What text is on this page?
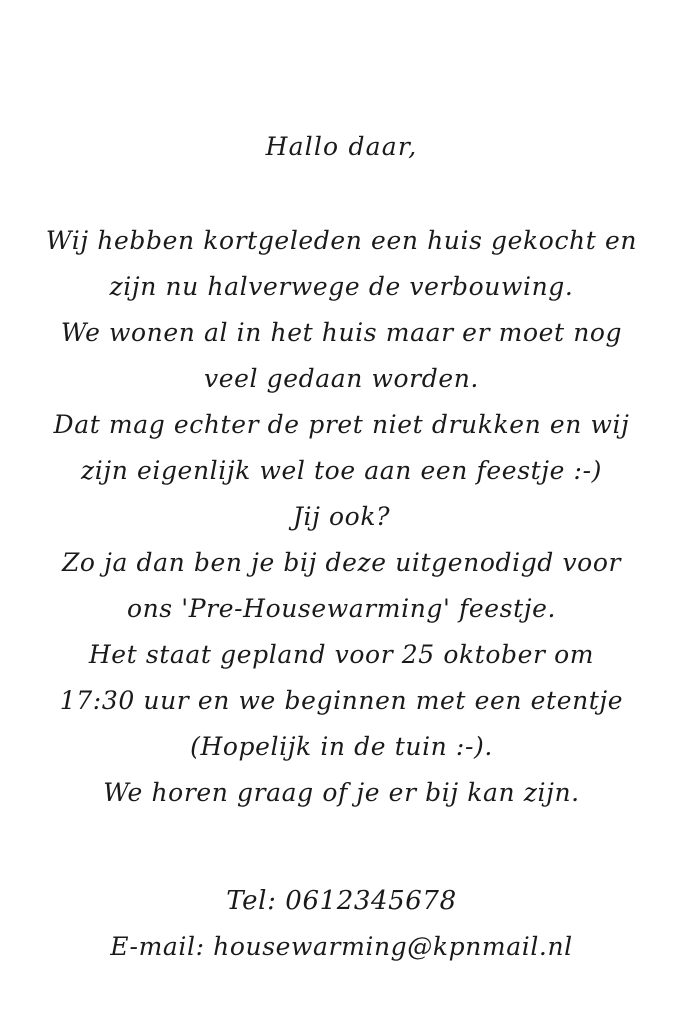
Hallo daar,
Wij hebben kortgeleden een huis gekocht en
zijn nu halverwege de verbouwing.
We wonen al in het huis maar er moet nog
veel gedaan worden.
Dat mag echter de pret niet drukken en wij
zijn eigenlijk wel toe aan een feestje :-)
Jij ook?
Zo ja dan ben je bij deze uitgenodigd voor
ons 'Pre-Housewarming' feestje.
Het staat gepland voor 25 oktober om
17:30 uur en we beginnen met een etentje
(Hopelijk in de tuin :-).
We horen graag of je er bij kan zijn.
Tel: 0612345678
E-mail: housewarming@kpnmail.nl
